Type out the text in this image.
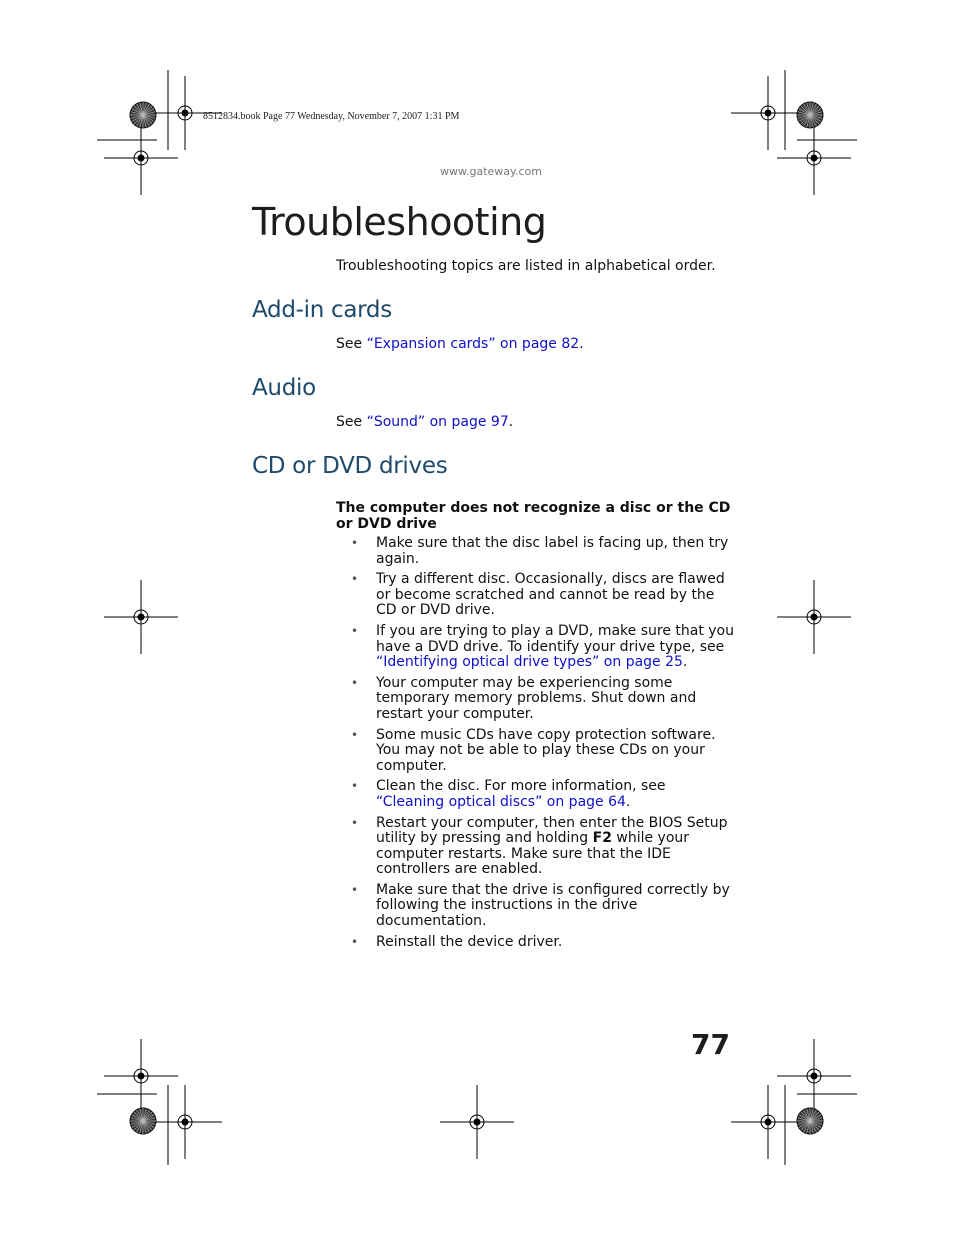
8512834.book Page 77 Wednesday, November 7, 2007 1:31 PM
www.gateway.com
Troubleshooting
Troubleshooting topics are listed in alphabetical order.
Add-in cards
See “Expansion cards” on page 82.
Audio
See “Sound” on page 97.
CD or DVD drives
The computer does not recognize a disc or the CD or DVD drive
• Make sure that the disc label is facing up, then try again.
• Try a different disc. Occasionally, discs are flawed or become scratched and cannot be read by the CD or DVD drive.
• If you are trying to play a DVD, make sure that you have a DVD drive. To identify your drive type, see “Identifying optical drive types” on page 25.
• Your computer may be experiencing some temporary memory problems. Shut down and restart your computer.
• Some music CDs have copy protection software. You may not be able to play these CDs on your computer.
• Clean the disc. For more information, see “Cleaning optical discs” on page 64.
• Restart your computer, then enter the BIOS Setup utility by pressing and holding F2 while your computer restarts. Make sure that the IDE controllers are enabled.
• Make sure that the drive is configured correctly by following the instructions in the drive documentation.
• Reinstall the device driver.
77
